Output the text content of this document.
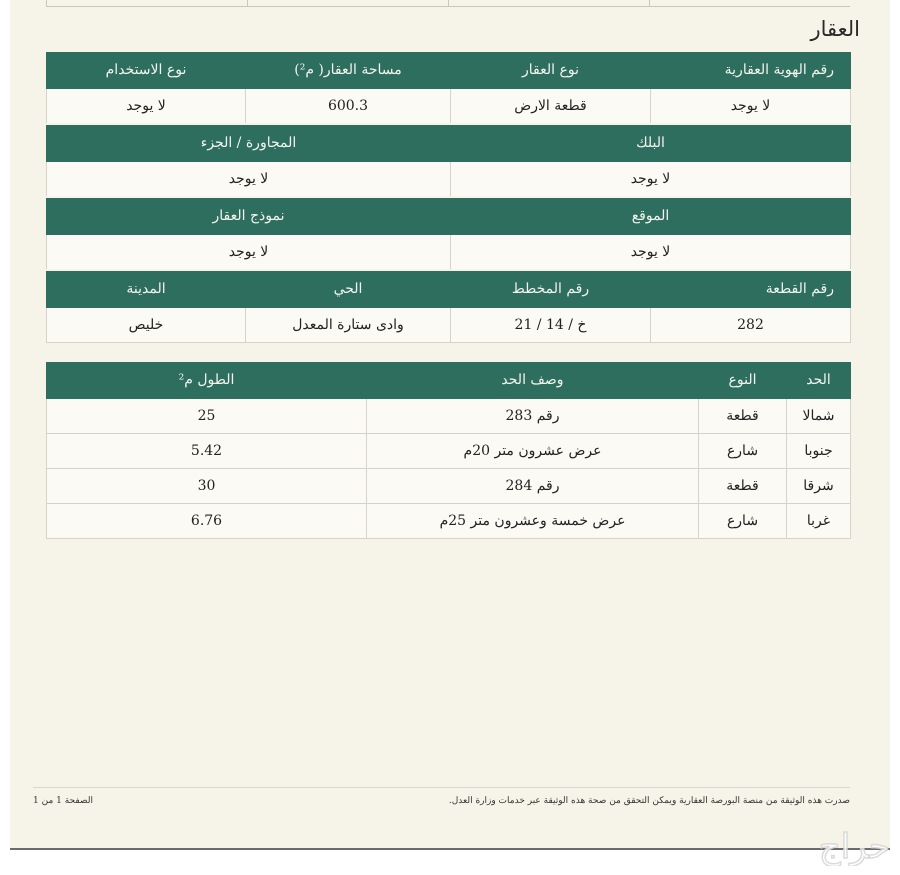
العقار
رقم الهوية العقارية	نوع العقار	مساحة العقار( م²)	نوع الاستخدام
لا يوجد	قطعة الارض	600.3	لا يوجد
البلك		المجاورة / الجزء	
لا يوجد		لا يوجد	
الموقع		نموذج العقار	
لا يوجد		لا يوجد	
رقم القطعة	رقم المخطط	الحي	المدينة
282	خ / 14 / 21	وادى ستارة المعدل	خليص
الحد	النوع	وصف الحد	الطول م²
شمالا	قطعة	رقم 283	25
جنوبا	شارع	عرض عشرون متر 20م	5.42
شرقا	قطعة	رقم 284	30
غربا	شارع	عرض خمسة وعشرون متر 25م	6.76
صدرت هذه الوثيقة من منصة البورصة العقارية ويمكن التحقق من صحة هذه الوثيقة عبر خدمات وزارة العدل.
الصفحة 1 من 1
حراج
